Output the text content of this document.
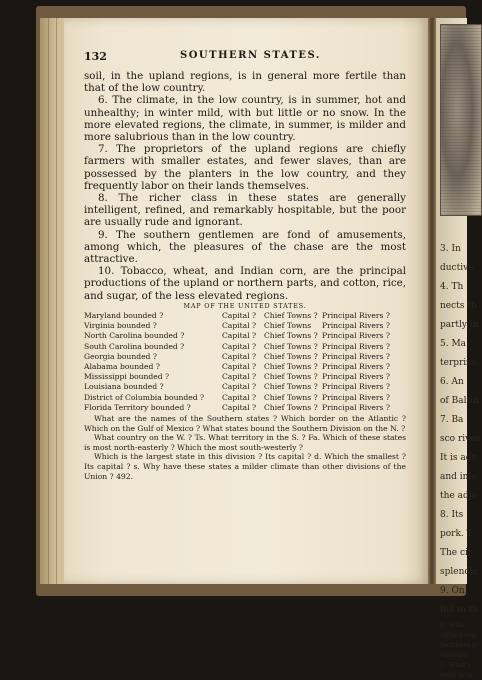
3. In
ductive
4. Th
nects th
partly in
5. Ma
terprize.
6. An
of Baltin
7. Ba
sco rives
It is adv
and inla
the adja
8. Its
pork. T
The cit
splendic
9. On
fell in th
Q. Wha
upland reg
Southern p
Marylan
1. What i
what is th
132	SOUTHERN STATES.

soil, in the upland regions, is in general more fertile than that of the low country.

6. The climate, in the low country, is in summer, hot and unhealthy; in winter mild, with but little or no snow. In the more elevated regions, the climate, in summer, is milder and more salubrious than in the low country.

7. The proprietors of the upland regions are chiefly farmers with smaller estates, and fewer slaves, than are possessed by the planters in the low country, and they frequently labor on their lands themselves.

8. The richer class in these states are generally intelligent, refined, and remarkably hospitable, but the poor are usually rude and ignorant.

9. The southern gentlemen are fond of amusements, among which, the pleasures of the chase are the most attractive.

10. Tobacco, wheat, and Indian corn, are the principal productions of the upland or northern parts, and cotton, rice, and sugar, of the less elevated regions.

MAP OF THE UNITED STATES.
Maryland bounded ?	Capital ?	Chief Towns ?	Principal Rivers ?
Virginia bounded ?	Capital ?	Chief Towns	Principal Rivers ?
North Carolina bounded ?	Capital ?	Chief Towns ?	Principal Rivers ?
South Carolina bounded ?	Capital ?	Chief Towns ?	Principal Rivers ?
Georgia bounded ?	Capital ?	Chief Towns ?	Principal Rivers ?
Alabama bounded ?	Capital ?	Chief Towns ?	Principal Rivers ?
Mississippi bounded ?	Capital ?	Chief Towns ?	Principal Rivers ?
Louisiana bounded ?	Capital ?	Chief Towns ?	Principal Rivers ?
District of Columbia bounded ?	Capital ?	Chief Towns ?	Principal Rivers ?
Florida Territory bounded ?	Capital ?	Chief Towns ?	Principal Rivers ?

What are the names of the Southern states ? Which border on the Atlantic ? Which on the Gulf of Mexico ? What states bound the Southern Division on the N. ?

What country on the W. ? Ts. What territory in the S. ? Fa. Which of these states is most north-easterly ? Which the most south-westerly ?

Which is the largest state in this division ? Its capital ? d. Which the smallest ? Its capital ? s. Why have these states a milder climate than other divisions of the Union ? 492.
